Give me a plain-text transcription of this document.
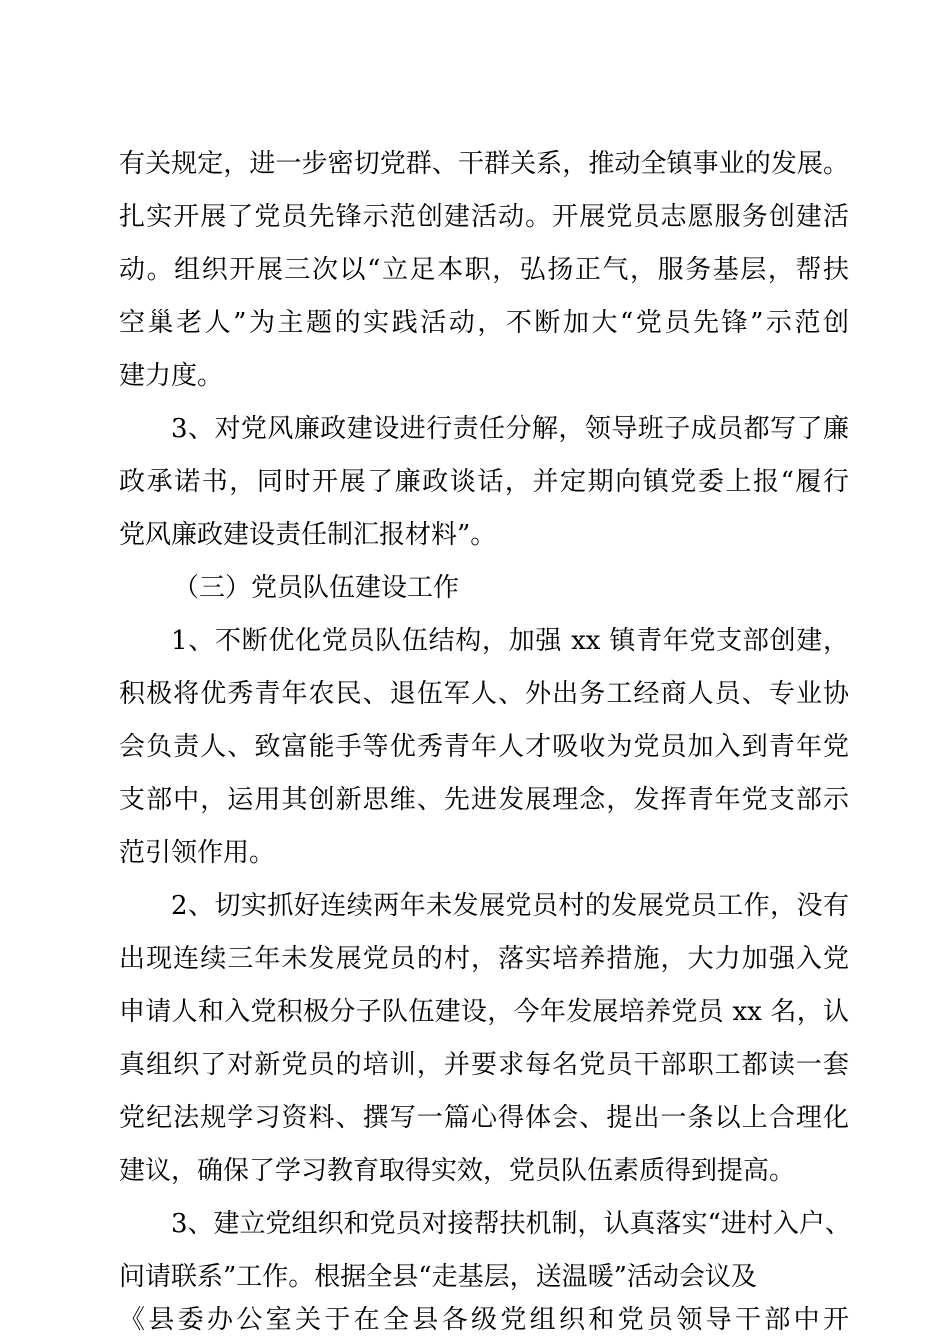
有关规定，进一步密切党群、干群关系，推动全镇事业的发展。
扎实开展了党员先锋示范创建活动。开展党员志愿服务创建活
动。组织开展三次以“立足本职，弘扬正气，服务基层，帮扶
空巢老人”为主题的实践活动，不断加大“党员先锋”示范创
建力度。
3、对党风廉政建设进行责任分解，领导班子成员都写了廉
政承诺书，同时开展了廉政谈话，并定期向镇党委上报“履行
党风廉政建设责任制汇报材料”。
（三）党员队伍建设工作
1、不断优化党员队伍结构，加强 xx 镇青年党支部创建，
积极将优秀青年农民、退伍军人、外出务工经商人员、专业协
会负责人、致富能手等优秀青年人才吸收为党员加入到青年党
支部中，运用其创新思维、先进发展理念，发挥青年党支部示
范引领作用。
2、切实抓好连续两年未发展党员村的发展党员工作，没有
出现连续三年未发展党员的村，落实培养措施，大力加强入党
申请人和入党积极分子队伍建设，今年发展培养党员 xx 名，认
真组织了对新党员的培训，并要求每名党员干部职工都读一套
党纪法规学习资料、撰写一篇心得体会、提出一条以上合理化
建议，确保了学习教育取得实效，党员队伍素质得到提高。
3、建立党组织和党员对接帮扶机制，认真落实“进村入户、
问请联系”工作。根据全县“走基层，送温暖”活动会议及
《县委办公室关于在全县各级党组织和党员领导干部中开
